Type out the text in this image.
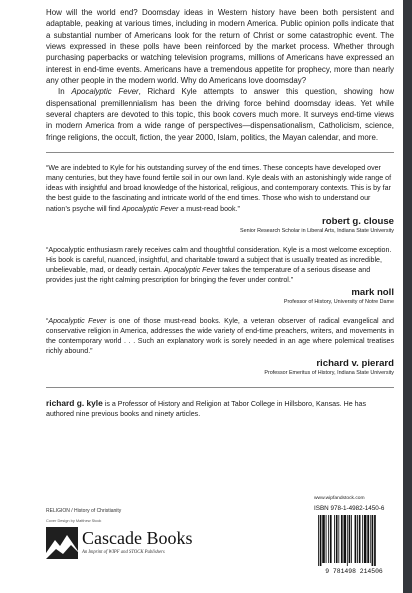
How will the world end? Doomsday ideas in Western history have been both persistent and adaptable, peaking at various times, including in modern America. Public opinion polls indicate that a substantial number of Americans look for the return of Christ or some catastrophic event. The views expressed in these polls have been reinforced by the market process. Whether through purchasing paperbacks or watching television programs, millions of Americans have expressed an interest in end-time events. Americans have a tremendous appetite for prophecy, more than nearly any other people in the modern world. Why do Americans love doomsday?

In Apocalyptic Fever, Richard Kyle attempts to answer this question, showing how dispensational premillennialism has been the driving force behind doomsday ideas. Yet while several chapters are devoted to this topic, this book covers much more. It surveys end-time views in modern America from a wide range of perspectives—dispensationalism, Catholicism, science, fringe religions, the occult, fiction, the year 2000, Islam, politics, the Mayan calendar, and more.

“We are indebted to Kyle for his outstanding survey of the end times. These concepts have developed over many centuries, but they have found fertile soil in our own land. Kyle deals with an astonishingly wide range of ideas with insightful and broad knowledge of the historical, religious, and contemporary contexts. This is by far the best guide to the fascinating and intricate world of the end times. Those who wish to understand our nation’s psyche will find Apocalyptic Fever a must-read book.”

robert g. clouse
Senior Research Scholar in Liberal Arts, Indiana State University

“Apocalyptic enthusiasm rarely receives calm and thoughtful consideration. Kyle is a most welcome exception. His book is careful, nuanced, insightful, and charitable toward a subject that is usually treated as incredible, unbelievable, mad, or deadly certain. Apocalyptic Fever takes the temperature of a serious disease and provides just the right calming prescription for bringing the fever under control.”

mark noll
Professor of History, University of Notre Dame

“Apocalyptic Fever is one of those must-read books. Kyle, a veteran observer of radical evangelical and conservative religion in America, addresses the wide variety of end-time preachers, writers, and movements in the contemporary world . . . Such an explanatory work is sorely needed in an age where polemical treatises richly abound.”

richard v. pierard
Professor Emeritus of History, Indiana State University

richard g. kyle is a Professor of History and Religion at Tabor College in Hillsboro, Kansas. He has authored nine previous books and ninety articles.

RELIGION / History of Christianity
Cover Design by Matthew Stock
Cascade Books
An Imprint of WIPF and STOCK Publishers
www.wipfandstock.com
ISBN 978-1-4982-1450-6
9 781498 214506
